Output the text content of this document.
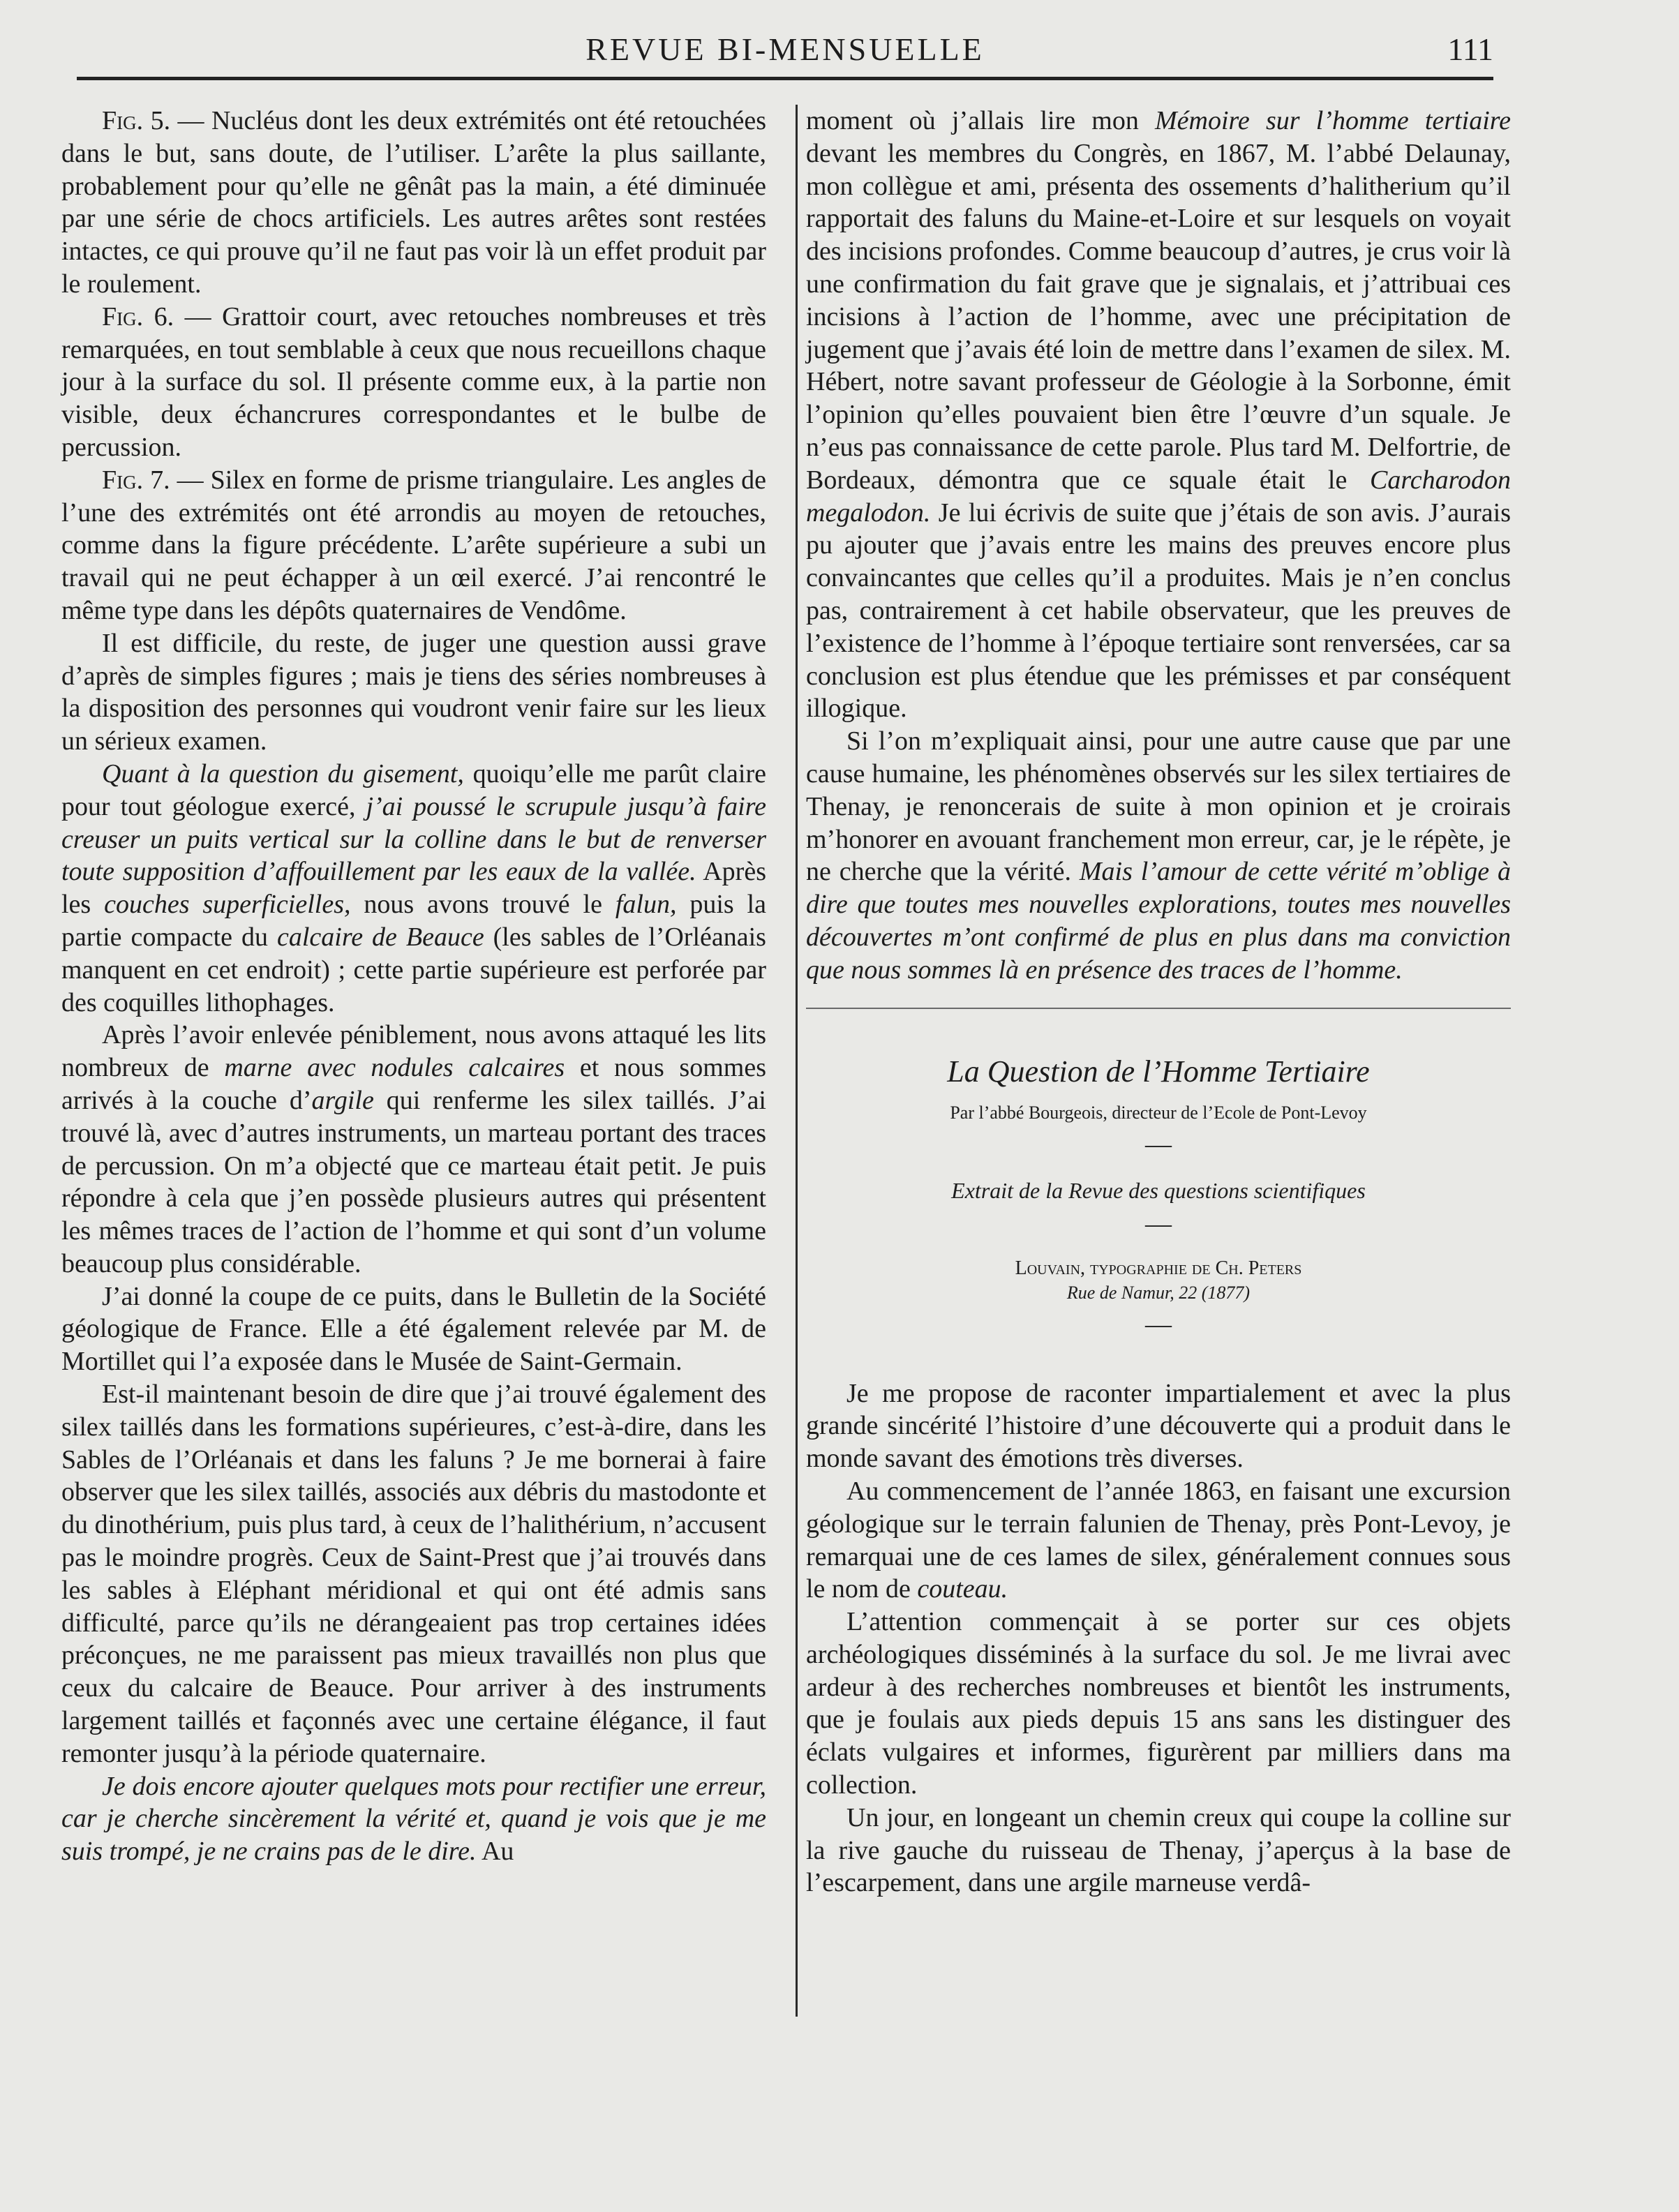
REVUE BI-MENSUELLE	111

Fig. 5. — Nucléus dont les deux extrémités ont été retouchées dans le but, sans doute, de l’utiliser. L’arête la plus saillante, probablement pour qu’elle ne gênât pas la main, a été diminuée par une série de chocs artificiels. Les autres arêtes sont restées intactes, ce qui prouve qu’il ne faut pas voir là un effet produit par le roulement.

Fig. 6. — Grattoir court, avec retouches nombreuses et très remarquées, en tout semblable à ceux que nous recueillons chaque jour à la surface du sol. Il présente comme eux, à la partie non visible, deux échancrures correspondantes et le bulbe de percussion.

Fig. 7. — Silex en forme de prisme triangulaire. Les angles de l’une des extrémités ont été arrondis au moyen de retouches, comme dans la figure précédente. L’arête supérieure a subi un travail qui ne peut échapper à un œil exercé. J’ai rencontré le même type dans les dépôts quaternaires de Vendôme.

Il est difficile, du reste, de juger une question aussi grave d’après de simples figures ; mais je tiens des séries nombreuses à la disposition des personnes qui voudront venir faire sur les lieux un sérieux examen.

Quant à la question du gisement, quoiqu’elle me parût claire pour tout géologue exercé, j’ai poussé le scrupule jusqu’à faire creuser un puits vertical sur la colline dans le but de renverser toute supposition d’affouillement par les eaux de la vallée. Après les couches superficielles, nous avons trouvé le falun, puis la partie compacte du calcaire de Beauce (les sables de l’Orléanais manquent en cet endroit) ; cette partie supérieure est perforée par des coquilles lithophages.

Après l’avoir enlevée péniblement, nous avons attaqué les lits nombreux de marne avec nodules calcaires et nous sommes arrivés à la couche d’argile qui renferme les silex taillés. J’ai trouvé là, avec d’autres instruments, un marteau portant des traces de percussion. On m’a objecté que ce marteau était petit. Je puis répondre à cela que j’en possède plusieurs autres qui présentent les mêmes traces de l’action de l’homme et qui sont d’un volume beaucoup plus considérable.

J’ai donné la coupe de ce puits, dans le Bulletin de la Société géologique de France. Elle a été également relevée par M. de Mortillet qui l’a exposée dans le Musée de Saint-Germain.

Est-il maintenant besoin de dire que j’ai trouvé également des silex taillés dans les formations supérieures, c’est-à-dire, dans les Sables de l’Orléanais et dans les faluns ? Je me bornerai à faire observer que les silex taillés, associés aux débris du mastodonte et du dinothérium, puis plus tard, à ceux de l’halithérium, n’accusent pas le moindre progrès. Ceux de Saint-Prest que j’ai trouvés dans les sables à Eléphant méridional et qui ont été admis sans difficulté, parce qu’ils ne dérangeaient pas trop certaines idées préconçues, ne me paraissent pas mieux travaillés non plus que ceux du calcaire de Beauce. Pour arriver à des instruments largement taillés et façonnés avec une certaine élégance, il faut remonter jusqu’à la période quaternaire.

Je dois encore ajouter quelques mots pour rectifier une erreur, car je cherche sincèrement la vérité et, quand je vois que je me suis trompé, je ne crains pas de le dire. Au

moment où j’allais lire mon Mémoire sur l’homme tertiaire devant les membres du Congrès, en 1867, M. l’abbé Delaunay, mon collègue et ami, présenta des ossements d’halitherium qu’il rapportait des faluns du Maine-et-Loire et sur lesquels on voyait des incisions profondes. Comme beaucoup d’autres, je crus voir là une confirmation du fait grave que je signalais, et j’attribuai ces incisions à l’action de l’homme, avec une précipitation de jugement que j’avais été loin de mettre dans l’examen de silex. M. Hébert, notre savant professeur de Géologie à la Sorbonne, émit l’opinion qu’elles pouvaient bien être l’œuvre d’un squale. Je n’eus pas connaissance de cette parole. Plus tard M. Delfortrie, de Bordeaux, démontra que ce squale était le Carcharodon megalodon. Je lui écrivis de suite que j’étais de son avis. J’aurais pu ajouter que j’avais entre les mains des preuves encore plus convaincantes que celles qu’il a produites. Mais je n’en conclus pas, contrairement à cet habile observateur, que les preuves de l’existence de l’homme à l’époque tertiaire sont renversées, car sa conclusion est plus étendue que les prémisses et par conséquent illogique.

Si l’on m’expliquait ainsi, pour une autre cause que par une cause humaine, les phénomènes observés sur les silex tertiaires de Thenay, je renoncerais de suite à mon opinion et je croirais m’honorer en avouant franchement mon erreur, car, je le répète, je ne cherche que la vérité. Mais l’amour de cette vérité m’oblige à dire que toutes mes nouvelles explorations, toutes mes nouvelles découvertes m’ont confirmé de plus en plus dans ma conviction que nous sommes là en présence des traces de l’homme.

La Question de l’Homme Tertiaire
Par l’abbé Bourgeois, directeur de l’Ecole de Pont-Levoy
—
Extrait de la Revue des questions scientifiques
—
Louvain, typographie de Ch. Peters
Rue de Namur, 22 (1877)
—

Je me propose de raconter impartialement et avec la plus grande sincérité l’histoire d’une découverte qui a produit dans le monde savant des émotions très diverses.

Au commencement de l’année 1863, en faisant une excursion géologique sur le terrain falunien de Thenay, près Pont-Levoy, je remarquai une de ces lames de silex, généralement connues sous le nom de couteau.

L’attention commençait à se porter sur ces objets archéologiques disséminés à la surface du sol. Je me livrai avec ardeur à des recherches nombreuses et bientôt les instruments, que je foulais aux pieds depuis 15 ans sans les distinguer des éclats vulgaires et informes, figurèrent par milliers dans ma collection.

Un jour, en longeant un chemin creux qui coupe la colline sur la rive gauche du ruisseau de Thenay, j’aperçus à la base de l’escarpement, dans une argile marneuse verdâ-
